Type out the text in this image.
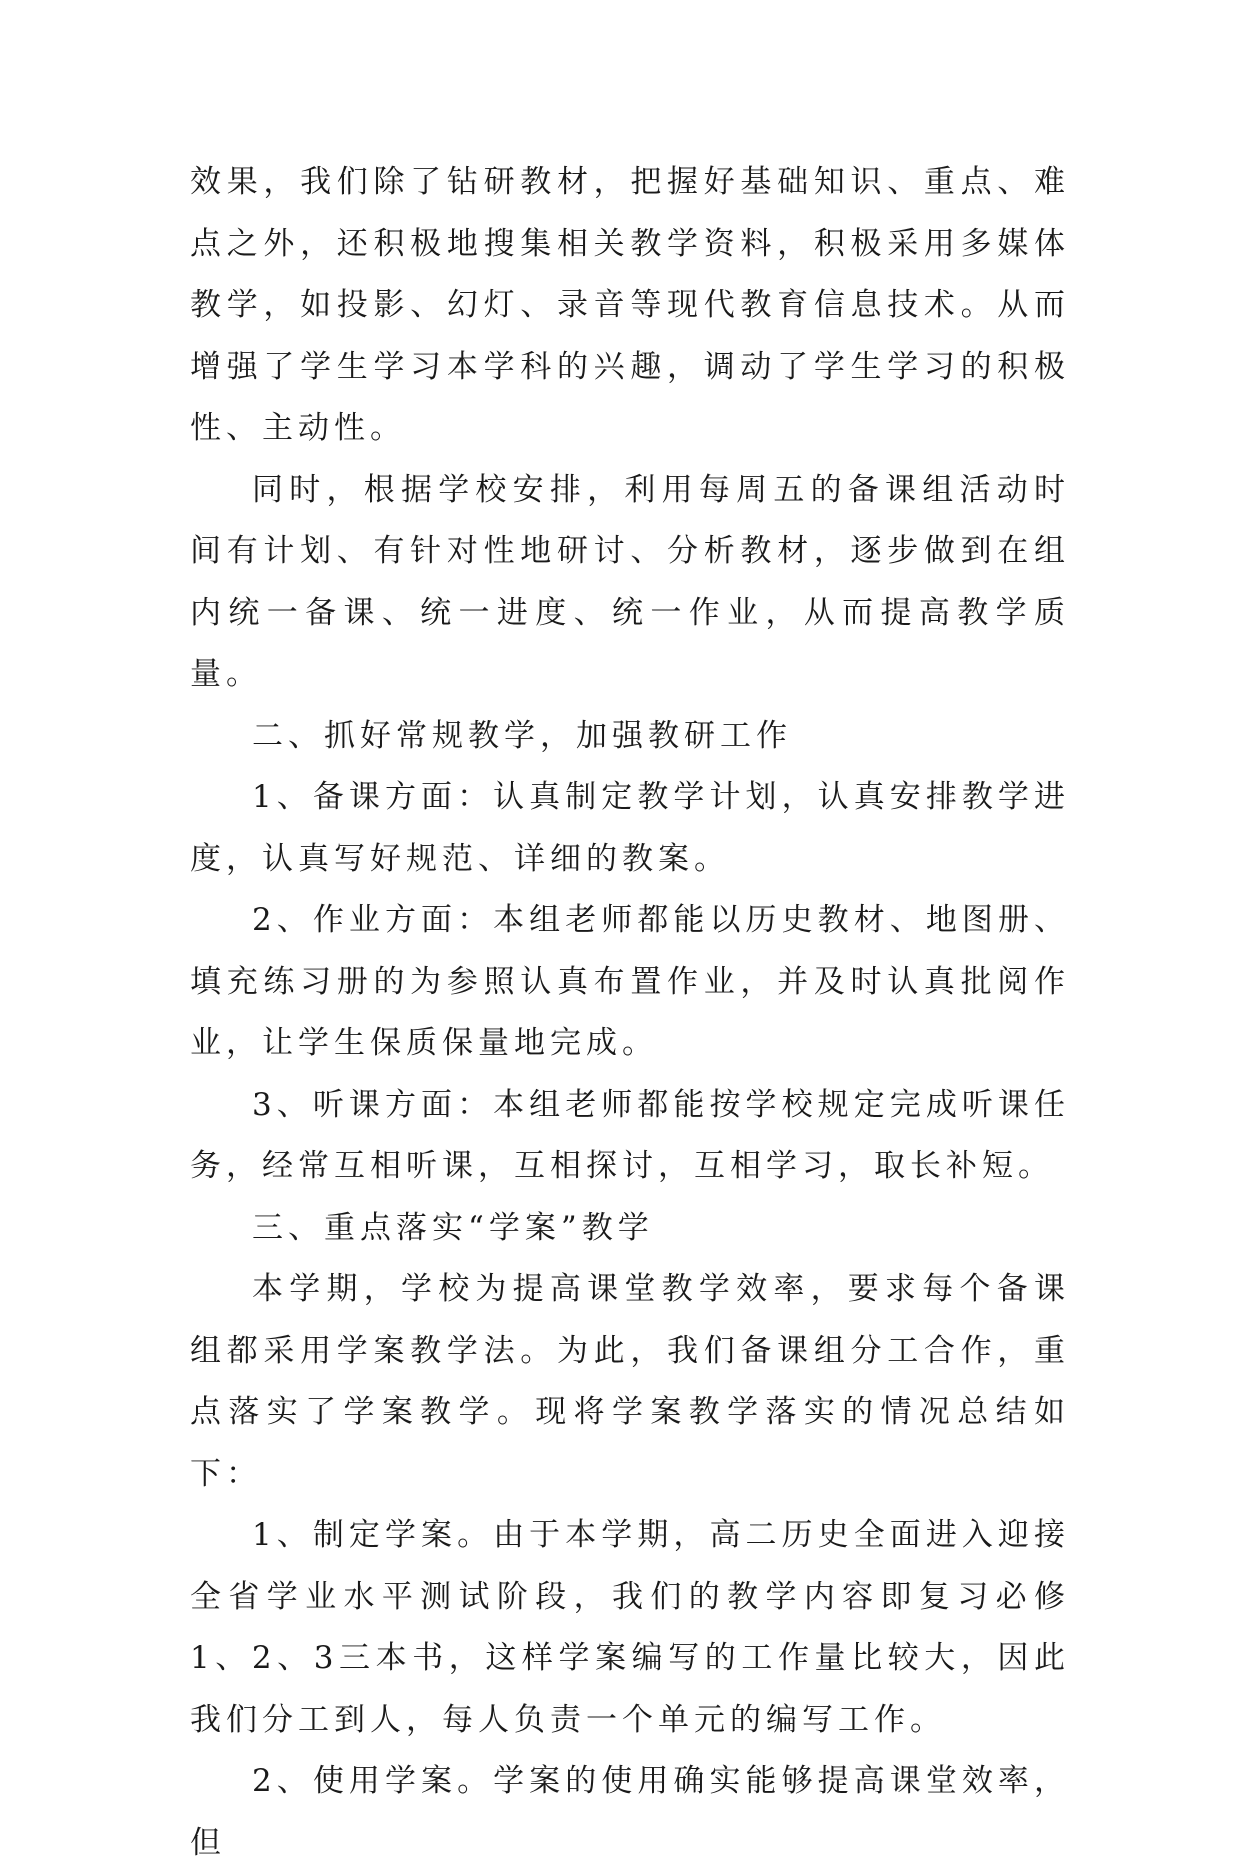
效果，我们除了钻研教材，把握好基础知识、重点、难点之外，还积极地搜集相关教学资料，积极采用多媒体教学，如投影、幻灯、录音等现代教育信息技术。从而增强了学生学习本学科的兴趣，调动了学生学习的积极性、主动性。

同时，根据学校安排，利用每周五的备课组活动时间有计划、有针对性地研讨、分析教材，逐步做到在组内统一备课、统一进度、统一作业，从而提高教学质量。

二、抓好常规教学，加强教研工作

1、备课方面：认真制定教学计划，认真安排教学进度，认真写好规范、详细的教案。

2、作业方面：本组老师都能以历史教材、地图册、填充练习册的为参照认真布置作业，并及时认真批阅作业，让学生保质保量地完成。

3、听课方面：本组老师都能按学校规定完成听课任务，经常互相听课，互相探讨，互相学习，取长补短。

三、重点落实“学案”教学

本学期，学校为提高课堂教学效率，要求每个备课组都采用学案教学法。为此，我们备课组分工合作，重点落实了学案教学。现将学案教学落实的情况总结如下：

1、制定学案。由于本学期，高二历史全面进入迎接全省学业水平测试阶段，我们的教学内容即复习必修1、2、3三本书，这样学案编写的工作量比较大，因此我们分工到人，每人负责一个单元的编写工作。

2、使用学案。学案的使用确实能够提高课堂效率，但
